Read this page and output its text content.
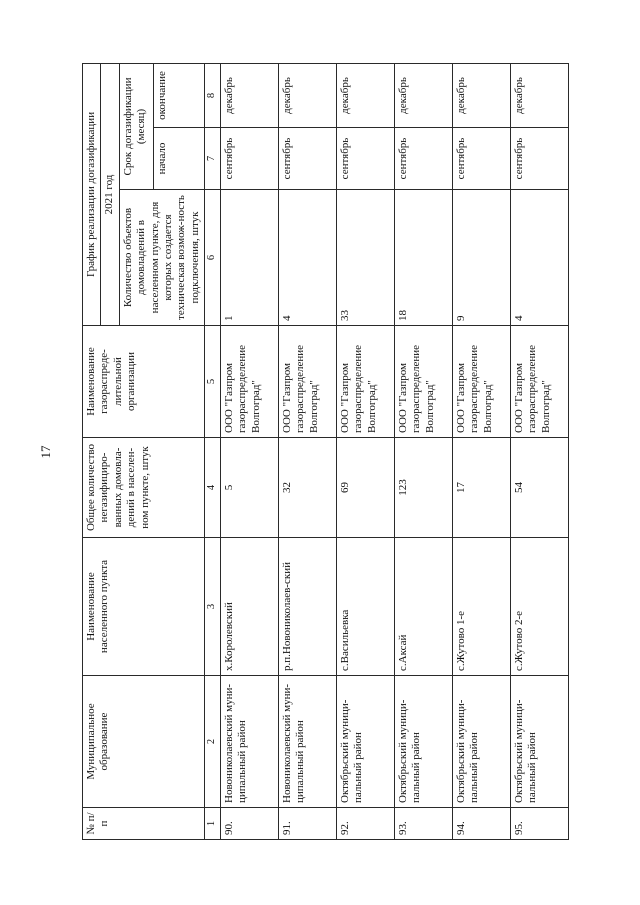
17
№ п/п	Муниципальное образование	Наименование населенного пункта	Общее количество негазифициро-ванных домовла-дений в населен-ном пункте, штук	Наименование газораспреде-лительной организации	График реализации догазификации		
					2021 год		
					Количество объектов домовладений в населенном пункте, для которых создается техническая возмож-ность подключения, штук	Срок догазификации (месяц)	
						начало	окончание
1	2	3	4	5	6	7	8
90.	Новониколаевский муни-ципальный район	х.Королевский	5	ООО "Газпром газораспределение Волгоград"	1	сентябрь	декабрь
91.	Новониколаевский муни-ципальный район	р.п.Новониколаев-ский	32	ООО "Газпром газораспределение Волгоград"	4	сентябрь	декабрь
92.	Октябрьский муници-пальный район	с.Васильевка	69	ООО "Газпром газораспределение Волгоград"	33	сентябрь	декабрь
93.	Октябрьский муници-пальный район	с.Аксай	123	ООО "Газпром газораспределение Волгоград"	18	сентябрь	декабрь
94.	Октябрьский муници-пальный район	с.Жутово 1-е	17	ООО "Газпром газораспределение Волгоград"	9	сентябрь	декабрь
95.	Октябрьский муници-пальный район	с.Жутово 2-е	54	ООО "Газпром газораспределение Волгоград"	4	сентябрь	декабрь
